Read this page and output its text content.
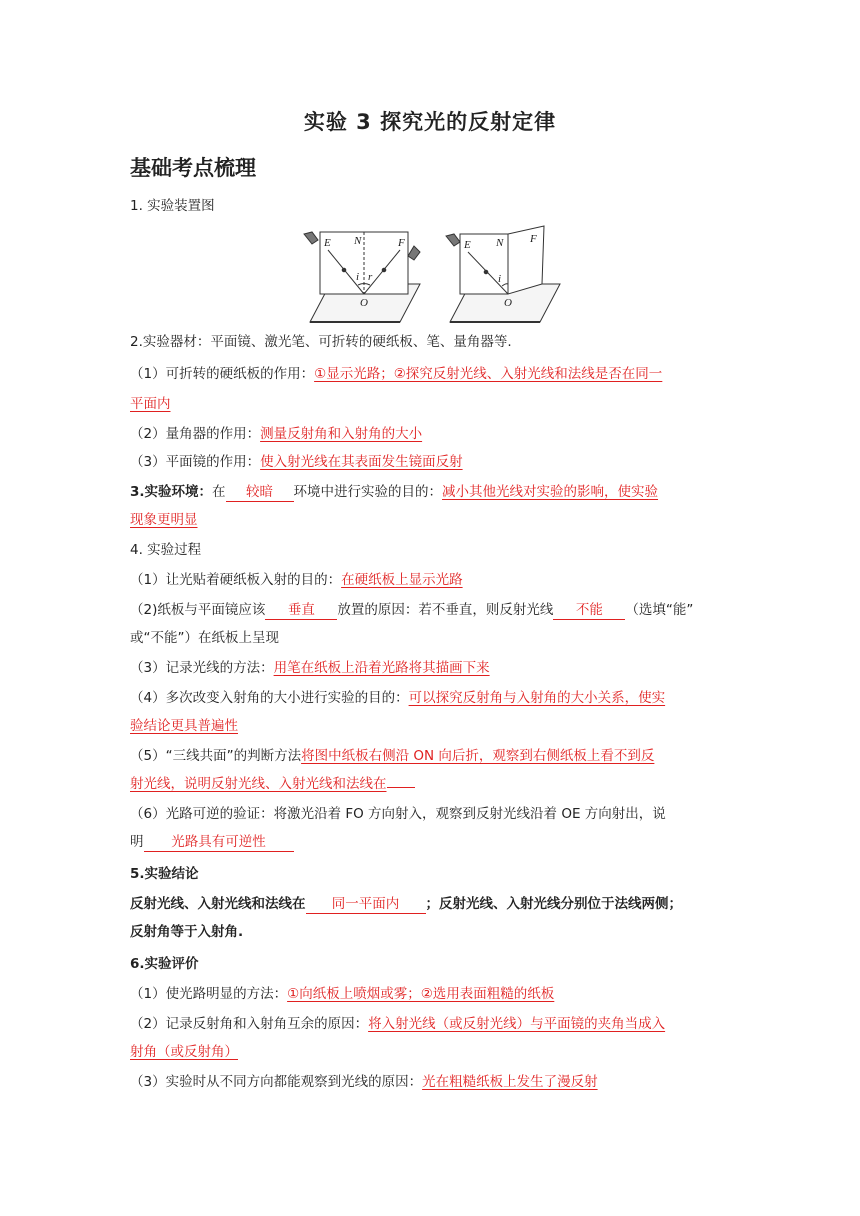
实验 3 探究光的反射定律
基础考点梳理
1. 实验装置图
E N	F
i r
O
E N F
i
O
2.实验器材：平面镜、激光笔、可折转的硬纸板、笔、量角器等.
（1）可折转的硬纸板的作用：①显示光路；②探究反射光线、入射光线和法线是否在同一
平面内
（2）量角器的作用：测量反射角和入射角的大小
（3）平面镜的作用：使入射光线在其表面发生镜面反射
3.实验环境：在 较暗 环境中进行实验的目的：减小其他光线对实验的影响，使实验
现象更明显
4. 实验过程
（1）让光贴着硬纸板入射的目的：在硬纸板上显示光路
（2)纸板与平面镜应该 垂直 放置的原因：若不垂直，则反射光线 不能 （选填“能”
或“不能”）在纸板上呈现
（3）记录光线的方法：用笔在纸板上沿着光路将其描画下来
（4）多次改变入射角的大小进行实验的目的：可以探究反射角与入射角的大小关系，使实
验结论更具普遍性
（5）“三线共面”的判断方法将图中纸板右侧沿 ON 向后折，观察到右侧纸板上看不到反
射光线，说明反射光线、入射光线和法线在
（6）光路可逆的验证：将激光沿着 FO 方向射入，观察到反射光线沿着 OE 方向射出，说
明 光路具有可逆性
5.实验结论
反射光线、入射光线和法线在 同一平面内 ；反射光线、入射光线分别位于法线两侧；
反射角等于入射角.
6.实验评价
（1）使光路明显的方法：①向纸板上喷烟或雾；②选用表面粗糙的纸板
（2）记录反射角和入射角互余的原因：将入射光线（或反射光线）与平面镜的夹角当成入
射角（或反射角）
（3）实验时从不同方向都能观察到光线的原因：光在粗糙纸板上发生了漫反射
